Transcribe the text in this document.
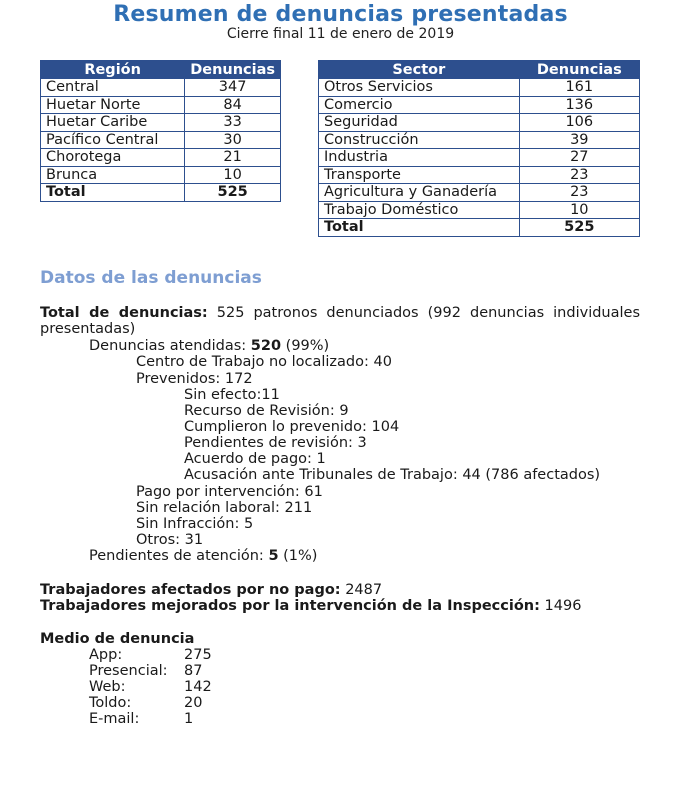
Resumen de denuncias presentadas
Cierre final 11 de enero de 2019
Región	Denuncias
Central	347
Huetar Norte	84
Huetar Caribe	33
Pacífico Central	30
Chorotega	21
Brunca	10
Total	525
Sector	Denuncias
Otros Servicios	161
Comercio	136
Seguridad	106
Construcción	39
Industria	27
Transporte	23
Agricultura y Ganadería	23
Trabajo Doméstico	10
Total	525
Datos de las denuncias
Total de denuncias: 525 patronos denunciados (992 denuncias individuales presentadas)
Denuncias atendidas: 520 (99%)
Centro de Trabajo no localizado: 40
Prevenidos: 172
Sin efecto:11
Recurso de Revisión: 9
Cumplieron lo prevenido: 104
Pendientes de revisión: 3
Acuerdo de pago: 1
Acusación ante Tribunales de Trabajo: 44 (786 afectados)
Pago por intervención: 61
Sin relación laboral: 211
Sin Infracción: 5
Otros: 31
Pendientes de atención: 5 (1%)
Trabajadores afectados por no pago: 2487
Trabajadores mejorados por la intervención de la Inspección: 1496
Medio de denuncia
App:	275
Presencial: 87
Web:	142
Toldo:	20
E-mail:	1
